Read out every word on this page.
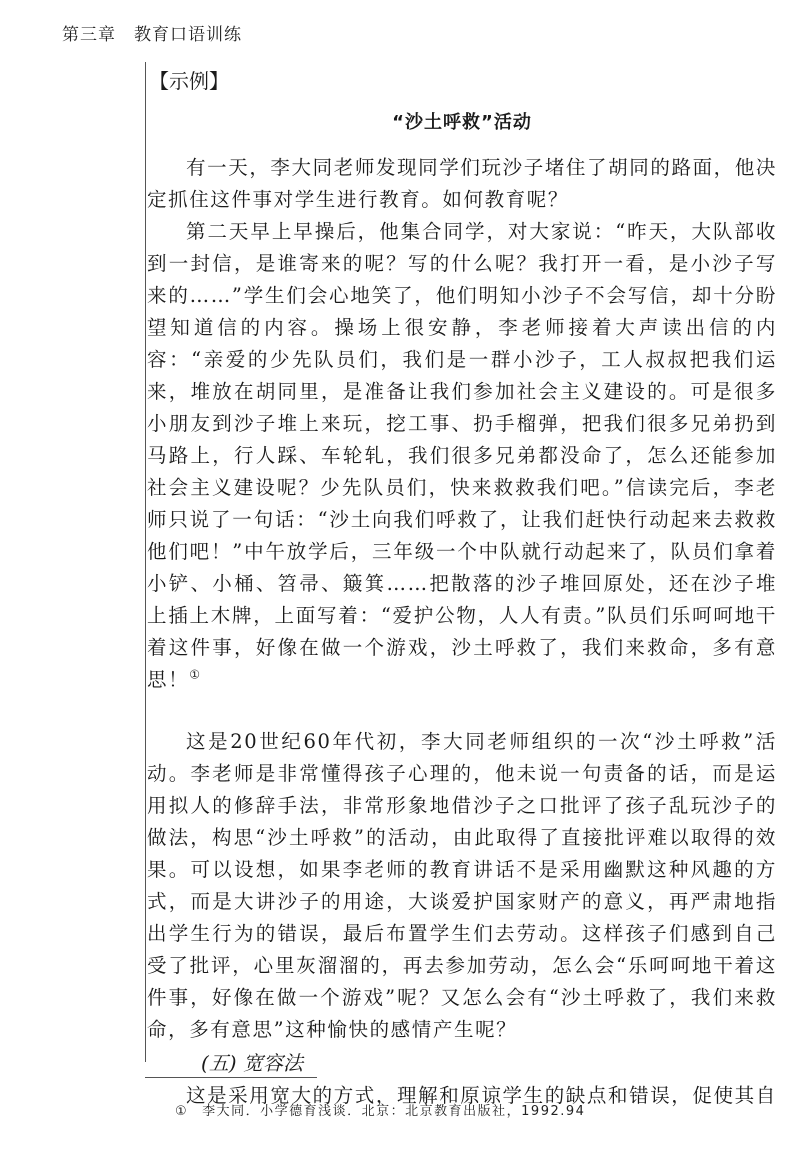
第三章　教育口语训练
【示例】
“沙土呼救”活动

有一天，李大同老师发现同学们玩沙子堵住了胡同的路面，他决定抓住这件事对学生进行教育。如何教育呢？

第二天早上早操后，他集合同学，对大家说：“昨天，大队部收到一封信，是谁寄来的呢？写的什么呢？我打开一看，是小沙子写来的……”学生们会心地笑了，他们明知小沙子不会写信，却十分盼望知道信的内容。操场上很安静，李老师接着大声读出信的内容：“亲爱的少先队员们，我们是一群小沙子，工人叔叔把我们运来，堆放在胡同里，是准备让我们参加社会主义建设的。可是很多小朋友到沙子堆上来玩，挖工事、扔手榴弹，把我们很多兄弟扔到马路上，行人踩、车轮轧，我们很多兄弟都没命了，怎么还能参加社会主义建设呢？少先队员们，快来救救我们吧。”信读完后，李老师只说了一句话：“沙土向我们呼救了，让我们赶快行动起来去救救他们吧！”中午放学后，三年级一个中队就行动起来了，队员们拿着小铲、小桶、笤帚、簸箕……把散落的沙子堆回原处，还在沙子堆上插上木牌，上面写着：“爱护公物，人人有责。”队员们乐呵呵地干着这件事，好像在做一个游戏，沙土呼救了，我们来救命，多有意思！①

这是20世纪60年代初，李大同老师组织的一次“沙土呼救”活动。李老师是非常懂得孩子心理的，他未说一句责备的话，而是运用拟人的修辞手法，非常形象地借沙子之口批评了孩子乱玩沙子的做法，构思“沙土呼救”的活动，由此取得了直接批评难以取得的效果。可以设想，如果李老师的教育讲话不是采用幽默这种风趣的方式，而是大讲沙子的用途，大谈爱护国家财产的意义，再严肃地指出学生行为的错误，最后布置学生们去劳动。这样孩子们感到自己受了批评，心里灰溜溜的，再去参加劳动，怎么会“乐呵呵地干着这件事，好像在做一个游戏”呢？又怎么会有“沙土呼救了，我们来救命，多有意思”这种愉快的感情产生呢？

(五) 宽容法

这是采用宽大的方式，理解和原谅学生的缺点和错误，促使其自

① 李大同．小学德育浅谈．北京：北京教育出版社，1992.94
